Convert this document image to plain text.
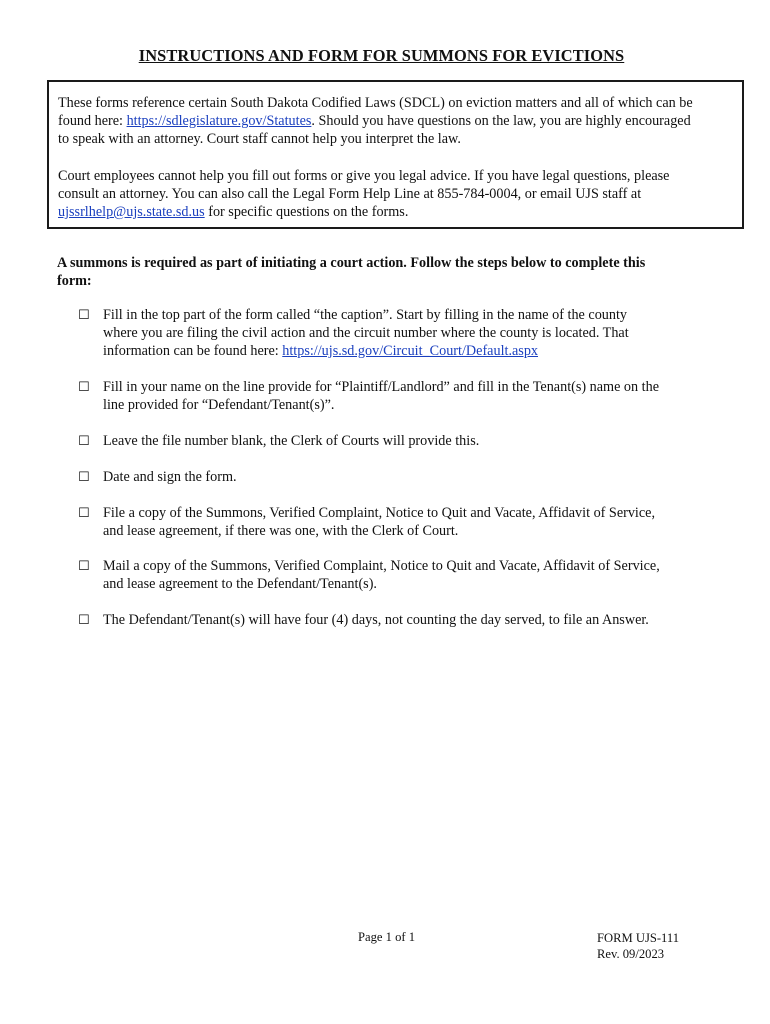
INSTRUCTIONS AND FORM FOR SUMMONS FOR EVICTIONS

These forms reference certain South Dakota Codified Laws (SDCL) on eviction matters and all of which can be
found here: https://sdlegislature.gov/Statutes. Should you have questions on the law, you are highly encouraged
to speak with an attorney. Court staff cannot help you interpret the law.

Court employees cannot help you fill out forms or give you legal advice. If you have legal questions, please
consult an attorney. You can also call the Legal Form Help Line at 855-784-0004, or email UJS staff at
ujssrlhelp@ujs.state.sd.us for specific questions on the forms.

A summons is required as part of initiating a court action. Follow the steps below to complete this
form:

☐ Fill in the top part of the form called “the caption”. Start by filling in the name of the county
where you are filing the civil action and the circuit number where the county is located. That
information can be found here: https://ujs.sd.gov/Circuit_Court/Default.aspx
☐ Fill in your name on the line provide for “Plaintiff/Landlord” and fill in the Tenant(s) name on the
line provided for “Defendant/Tenant(s)”.
☐ Leave the file number blank, the Clerk of Courts will provide this.
☐ Date and sign the form.
☐ File a copy of the Summons, Verified Complaint, Notice to Quit and Vacate, Affidavit of Service,
and lease agreement, if there was one, with the Clerk of Court.
☐ Mail a copy of the Summons, Verified Complaint, Notice to Quit and Vacate, Affidavit of Service,
and lease agreement to the Defendant/Tenant(s).
☐ The Defendant/Tenant(s) will have four (4) days, not counting the day served, to file an Answer.
Page 1 of 1	FORM UJS-111
Rev. 09/2023
